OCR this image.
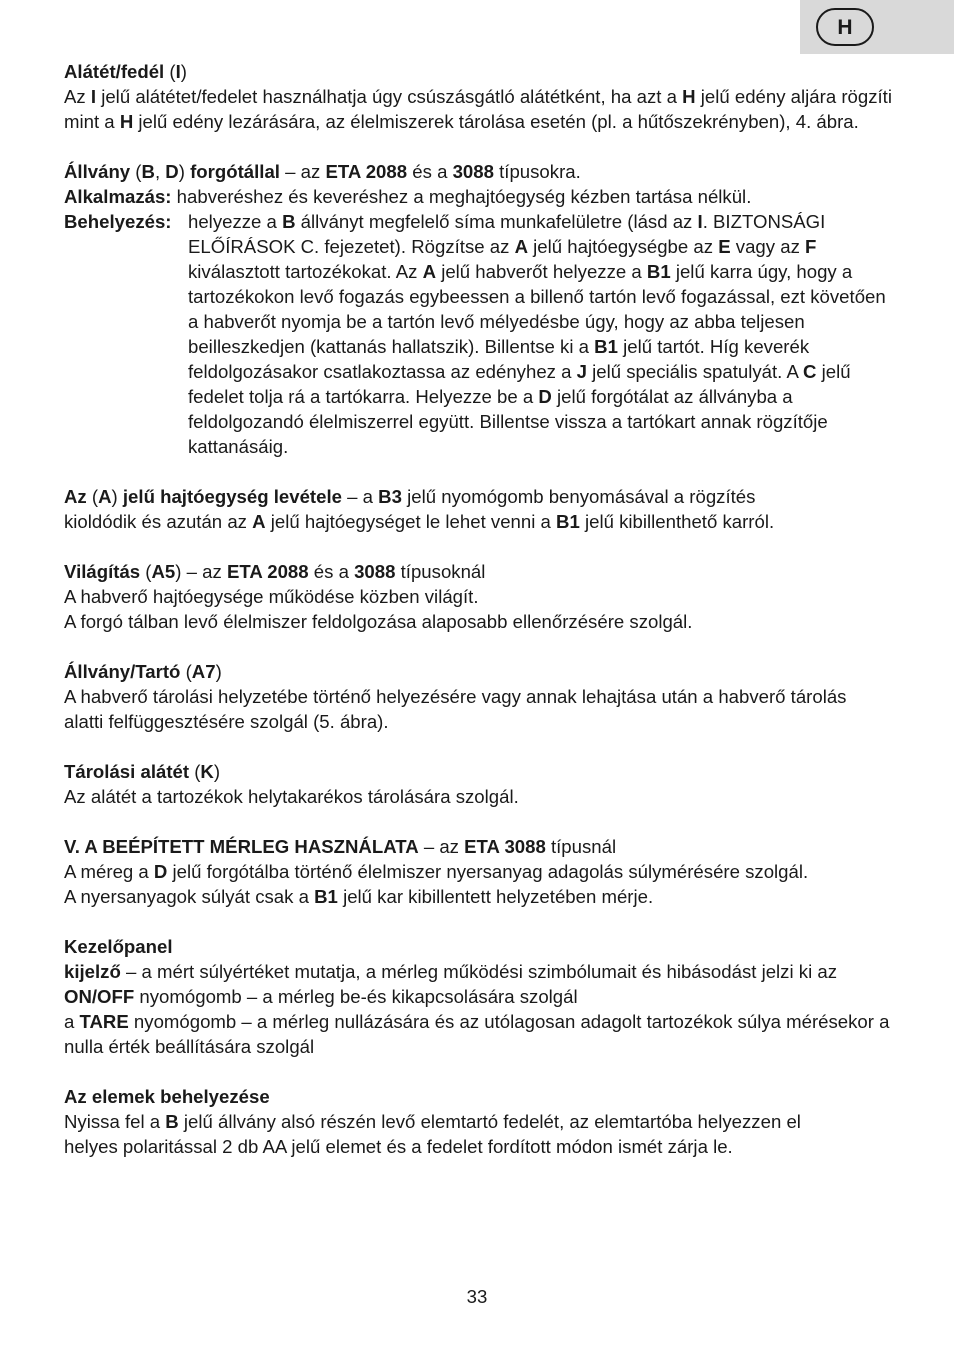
H

Alátét/fedél (I)

Az I jelű alátétet/fedelet használhatja úgy csúszásgátló alátétként, ha azt a H jelű edény aljára rögzíti mint a H jelű edény lezárására, az élelmiszerek tárolása esetén (pl. a hűtőszekrényben), 4. ábra.

Állvány (B, D) forgótállal – az ETA 2088 és a 3088 típusokra.

Alkalmazás: habveréshez és keveréshez a meghajtóegység kézben tartása nélkül.
Behelyezés: helyezze a B állványt megfelelő síma munkafelületre (lásd az I. BIZTONSÁGI ELŐÍRÁSOK C. fejezetet). Rögzítse az A jelű hajtóegységbe az E vagy az F kiválasztott tartozékokat. Az A jelű habverőt helyezze a B1 jelű karra úgy, hogy a tartozékokon levő fogazás egybeessen a billenő tartón levő fogazással, ezt követően a habverőt nyomja be a tartón levő mélyedésbe úgy, hogy az abba teljesen beilleszkedjen (kattanás hallatszik). Billentse ki a B1 jelű tartót. Híg keverék feldolgozásakor csatlakoztassa az edényhez a J jelű speciális spatulyát. A C jelű fedelet tolja rá a tartókarra. Helyezze be a D jelű forgótálat az állványba a feldolgozandó élelmiszerrel együtt. Billentse vissza a tartókart annak rögzítője kattanásáig.

Az (A) jelű hajtóegység levétele – a B3 jelű nyomógomb benyomásával a rögzítés

kioldódik és azután az A jelű hajtóegységet le lehet venni a B1 jelű kibillenthető karról.

Világítás (A5) – az ETA 2088 és a 3088 típusoknál

A habverő hajtóegysége működése közben világít.

A forgó tálban levő élelmiszer feldolgozása alaposabb ellenőrzésére szolgál.

Állvány/Tartó (A7)

A habverő tárolási helyzetébe történő helyezésére vagy annak lehajtása után a habverő tárolás alatti felfüggesztésére szolgál (5. ábra).

Tárolási alátét (K)

Az alátét a tartozékok helytakarékos tárolására szolgál.

V. A BEÉPÍTETT MÉRLEG HASZNÁLATA – az ETA 3088 típusnál

A méreg a D jelű forgótálba történő élelmiszer nyersanyag adagolás súlymérésére szolgál.

A nyersanyagok súlyát csak a B1 jelű kar kibillentett helyzetében mérje.

Kezelőpanel

kijelző – a mért súlyértéket mutatja, a mérleg működési szimbólumait és hibásodást jelzi ki az ON/OFF nyomógomb – a mérleg be-és kikapcsolására szolgál

a TARE nyomógomb – a mérleg nullázására és az utólagosan adagolt tartozékok súlya mérésekor a nulla érték beállítására szolgál

Az elemek behelyezése

Nyissa fel a B jelű állvány alsó részén levő elemtartó fedelét, az elemtartóba helyezzen el helyes polaritással 2 db AA jelű elemet és a fedelet fordított módon ismét zárja le.

33
